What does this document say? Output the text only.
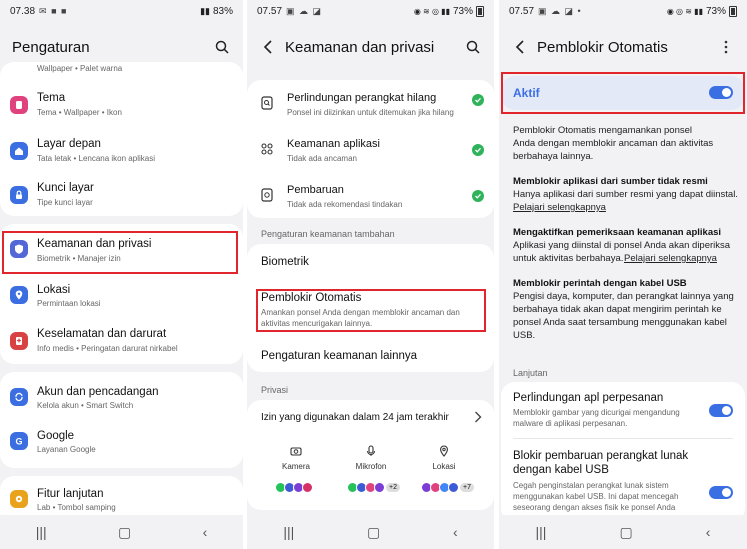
07.38 ✉ ■ ■	▮▮ 83%
Pengaturan
Wallpaper • Palet warna
Tema
Tema • Wallpaper • Ikon
Layar depan
Tata letak • Lencana ikon aplikasi
Kunci layar
Tipe kunci layar
Keamanan dan privasi
Biometrik • Manajer izin
Lokasi
Permintaan lokasi
Keselamatan dan darurat
Info medis • Peringatan darurat nirkabel
Akun dan pencadangan
Kelola akun • Smart Switch
G Google
Layanan Google
Fitur lanjutan
Lab • Tombol samping
|||	▢	‹
07.57 ▣ ☁ ◪	◉ ≋ ◎ ▮▮ 73%
Keamanan dan privasi
Perlindungan perangkat hilang
Ponsel ini diizinkan untuk ditemukan jika hilang
Keamanan aplikasi
Tidak ada ancaman
Pembaruan
Tidak ada rekomendasi tindakan
Pengaturan keamanan tambahan
Biometrik
Pemblokir Otomatis
Amankan ponsel Anda dengan memblokir ancaman dan
aktivitas mencurigakan lainnya.
Pengaturan keamanan lainnya
Privasi
Izin yang digunakan dalam 24 jam terakhir
Kamera	Mikrofon	Lokasi
+2	+7
|||	▢	‹
07.57 ▣ ☁ ◪ •	◉ ◎ ≋ ▮▮ 73%
Pemblokir Otomatis
Aktif
Pemblokir Otomatis mengamankan ponsel
Anda dengan memblokir ancaman dan aktivitas
berbahaya lainnya.
Memblokir aplikasi dari sumber tidak resmi
Hanya aplikasi dari sumber resmi yang dapat diinstal.
Pelajari selengkapnya
Mengaktifkan pemeriksaan keamanan aplikasi
Aplikasi yang diinstal di ponsel Anda akan diperiksa
untuk aktivitas berbahaya. Pelajari selengkapnya
Memblokir perintah dengan kabel USB
Pengisi daya, komputer, dan perangkat lainnya yang
berbahaya tidak akan dapat mengirim perintah ke
ponsel Anda saat tersambung menggunakan kabel
USB.
Lanjutan
Perlindungan apl perpesanan
Memblokir gambar yang dicurigai mengandung
malware di aplikasi perpesanan.
Blokir pembaruan perangkat lunak
dengan kabel USB
Cegah penginstalan perangkat lunak sistem
menggunakan kabel USB. Ini dapat mencegah
seseorang dengan akses fisik ke ponsel Anda
|||	▢	‹
